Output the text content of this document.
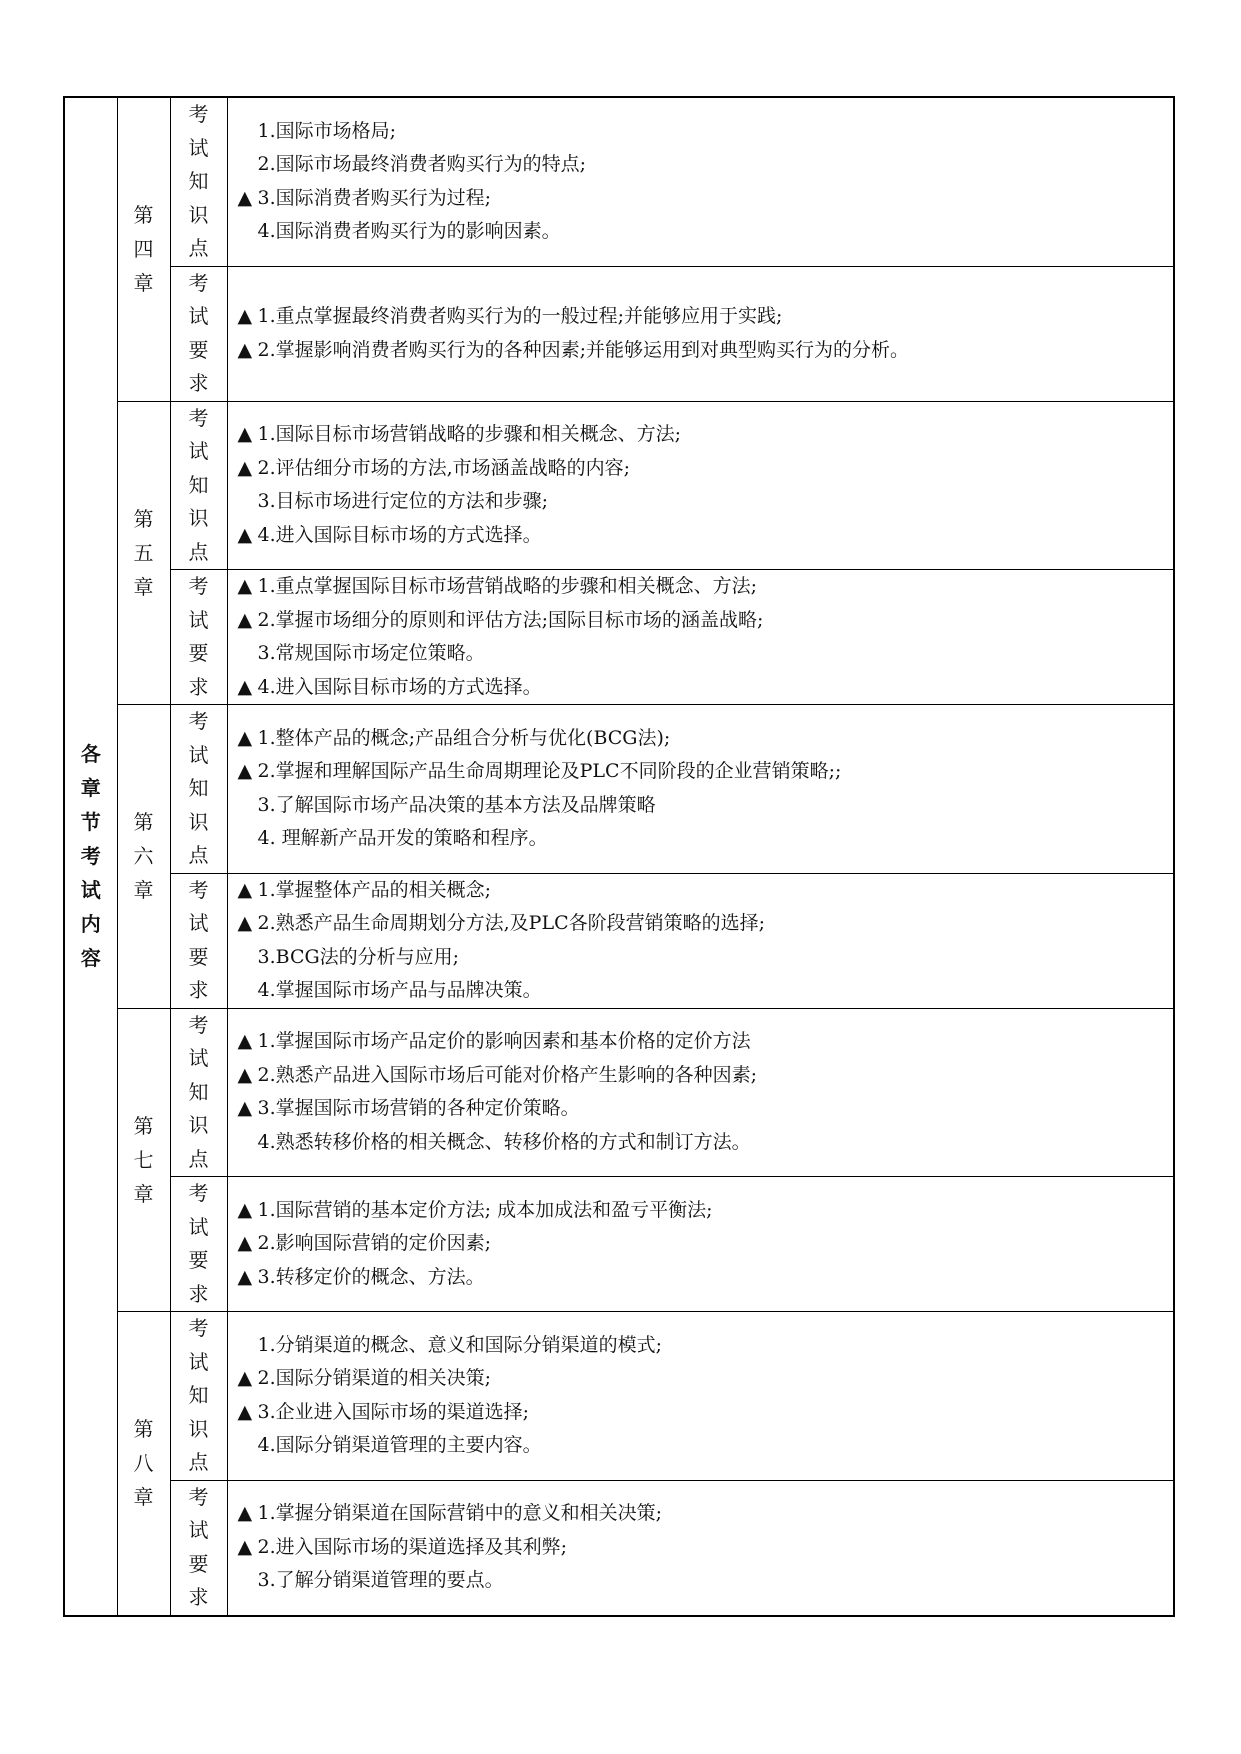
各章节考试内容	第四章	考试知识点	1.国际市场格局;
2.国际市场最终消费者购买行为的特点;
▲ 3.国际消费者购买行为过程;
4.国际消费者购买行为的影响因素。

		考试要求	▲ 1.重点掌握最终消费者购买行为的一般过程;并能够应用于实践;
▲ 2.掌握影响消费者购买行为的各种因素;并能够运用到对典型购买行为的分析。

	第五章	考试知识点	▲ 1.国际目标市场营销战略的步骤和相关概念、方法;
▲ 2.评估细分市场的方法,市场涵盖战略的内容;
3.目标市场进行定位的方法和步骤;
▲ 4.进入国际目标市场的方式选择。

		考试要求	▲ 1.重点掌握国际目标市场营销战略的步骤和相关概念、方法;
▲ 2.掌握市场细分的原则和评估方法;国际目标市场的涵盖战略;
3.常规国际市场定位策略。
▲ 4.进入国际目标市场的方式选择。

	第六章	考试知识点	▲ 1.整体产品的概念;产品组合分析与优化(BCG法);
▲ 2.掌握和理解国际产品生命周期理论及PLC不同阶段的企业营销策略;;
3.了解国际市场产品决策的基本方法及品牌策略
4. 理解新产品开发的策略和程序。

		考试要求	▲ 1.掌握整体产品的相关概念;
▲ 2.熟悉产品生命周期划分方法,及PLC各阶段营销策略的选择;
3.BCG法的分析与应用;
4.掌握国际市场产品与品牌决策。

	第七章	考试知识点	▲ 1.掌握国际市场产品定价的影响因素和基本价格的定价方法
▲ 2.熟悉产品进入国际市场后可能对价格产生影响的各种因素;
▲ 3.掌握国际市场营销的各种定价策略。
4.熟悉转移价格的相关概念、转移价格的方式和制订方法。

		考试要求	▲ 1.国际营销的基本定价方法; 成本加成法和盈亏平衡法;
▲ 2.影响国际营销的定价因素;
▲ 3.转移定价的概念、方法。

	第八章	考试知识点	1.分销渠道的概念、意义和国际分销渠道的模式;
▲ 2.国际分销渠道的相关决策;
▲ 3.企业进入国际市场的渠道选择;
4.国际分销渠道管理的主要内容。

		考试要求	▲ 1.掌握分销渠道在国际营销中的意义和相关决策;
▲ 2.进入国际市场的渠道选择及其利弊;
3.了解分销渠道管理的要点。
